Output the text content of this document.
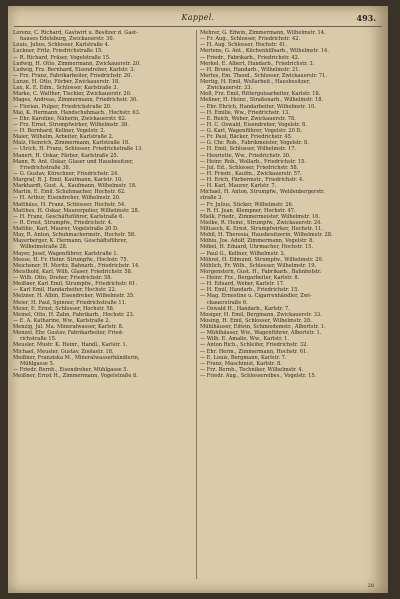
Kappel.	493.
Lorenz, C. Richard, Gastwirt u. Besitzer d. Gast-
hauses Edelsburg, Zwickauerstr. 30.
Louis, Julius, Schlosser, Karlstraße 4.
Luckner, Fritz, Friedrichstraße 15.
— R. Richard, Fräser, Vogelstraße 15.
Ludwig, H. Otto, Zimmermann, Zwickauerstr. 20.
Ludwig, Frz. Bernhard, Eisendreher, Karlstr. 3.
— Frz. Franz, Fabrikarbeiter, Friedrichstr. 20.
Lunze, H. Otto, Fürber, Zwickauerstr. 18.
Lux, K. E. Edm., Schlosser, Karlstraße 3.
Marke, C. Walther, Tischler, Zwickauerstr. 20.
Mages, Andreas, Zimmermann, Friedrichstr. 30.
— Florian, Pulper, Friedrichstraße 20.
Mai, K. Hermann, Handschuhmach., Hochstr. 63.
— Ehr. Karoline, Näherin, Zwickauerstr. 62.
— Frz. Ernst, Strumpfwirker, Wilhelmstr. 38.
— H. Bernhard, Kellner, Vogelstr. 2.
Maier, Wilhelm, Arbeiter, Karlstraße 2.
Malz, Heinrich, Zimmermann, Karlstraße 18.
— Ulrich, H. Franz, Schlosser, Friedrichstraße 13.
Manert, H. Oskar, Färber, Karlstraße 25.
Mann, R. Ant. Oskar, Glaser und Hausbesitzer,
Friedrichstraße 38.
— G. Gustav, Kürschner, Friedrichstr. 24.
Margraf, R. J. Emil, Kaufmann, Karlstr. 10.
Markhardt, Gust. A., Kaufmann, Wilhelmstr. 18.
Martin, E. Emil, Schuhmacher, Hochstr. 62.
— H. Arthur, Eisendreher, Wilhelmstr. 20.
Matthäus, H. Franz, Schlosser, Hochstr. 54.
Matthes, H. Oskar, Maurerpolier, Wilhelmstr. 28.
— H. Franz, Geschäftsführer, Karlstraße 6.
— R. Ernst, Strumpfw., Friedrichstr. 4.
Matthic, Karl, Maurer, Vogelstraße 20 D.
May, R. Anton, Schuhmachermstr., Hochstr. 58.
Mayerberger, K. Hermann, Geschäftsführer,
Wilhelmstraße 28.
Mayer, Josef, Wagenführer, Karlstraße 1.
Meese, H. Fr. Heinr. Strumpfw., Hochstr. 75.
Meichsner, H. Moritz, Bahnarb., Friedrichstr. 14.
Meisthold, Karl, Wilh. Glaser, Friedrichstr. 58.
— Wilh. Otto, Dreher, Friedrichstr. 58.
Meißner, Karl Emil, Strumpfw., Friedrichstr. 61.
— Karl Emil, Handarbeiter, Hochstr. 22.
Melzner, H. Albin, Eisendreher, Wilhelmstr. 35.
Meier, H. Paul, Spinner, Friedrichstraße 11.
Meier, E. Ernst, Schlosser, Hochstr. 58.
Meinel, Otto, H. Zahn, Fabrikarb., Hochstr. 23.
— E. A. Katharine, Ww., Karlstraße 2.
Menzig, Jul. Ma. Mineralwasser, Karlstr. 8.
Menzel, Ehr. Gustav, Fabrikarbeiter, Fried-
richstraße 15.
Meusler, Mustr. K. Heinr., Handl., Karlstr. 1.
Michael, Meusler, Gustav, Zoolastr. 18.
Meißner, Franziska M., Mineralwasserhändlerin,
Mühlgasse 5.
— Friedr. Bernh., Eisendreher, Mühlgasse 5.
Meißner, Ernst H., Zimmermann, Vogelstraße 8.
Mehrer, G. Edwin, Zimmermann, Wilhelmstr. 14.
— Fr. Aug., Schlosser, Friedrichstr. 42.
— H. Aug. Schlosser, Hochstr. 41.
Mertens, G. Ant., Küchenhilfsarb., Wilhelmstr. 14.
— Friedr., Fabrikarb., Friedrichstr. 42.
Merkel, E. Albert, Handarb., Friedrichstr. 3.
— H. Bruno, Handarb., Wilhelmstr. 21.
Mertes, Em. Theod., Schlosser, Zwickauerstr. 71.
Mertig, H. Emil, Wollarbeit., Hausbesitzer,
Zwickauerstr. 33.
Meß, Frz. Emil, Rittergutsarbeiter, Karlstr. 18.
Meßner, H. Heinr., Straßenarb., Wilhelmstr. 18.
— Ehr. Ehrich, Handarbeiter, Wilhelmstr. 10.
— H. Emilie, Ww., Friedrichstr. 13.
— E. Reich, Weber, Zwickauerstr. 78.
— H. C. Oswald, Eisendreher, Vogelstr. 8.
— G. Karl, Wagenführer, Vogelstr. 20 D.
— Fr. Paul, Bäcker, Friedrichstr. 45.
— G. Chr. Rob., Fabrikmeister, Vogelstr. 8.
— H. Emil, Schlosser, Wilhelmstr. 17.
— Henriette, Ww., Friedrichstr. 30.
— Heinr. Rob., Wollarb., Friedrichstr. 15.
— Jul. Ed., Schlosser, Friedrichstr. 58.
— H. Friedr., Kaufm., Zwickauerstr. 57.
— H. Erich, Färbermstr., Friedrichstr. 4.
— H. Karl, Maurer, Karlstr. 7.
Michael, H. Anton, Strumpfw., Weldenbergerstr.
straße 3.
— Fr. Julius, Sticker, Wilhelmstr. 26.
— R. H. Jean, Klempner, Hochstr. 47.
Mielk, Friedr., Zimmermeister, Wilhelmstr. 16.
Mielke, R. Heinr., Strumpfw., Zwickauerstr. 24.
Mittasch, K. Ernst, Strumpfwirker, Hochstr. 11.
Mobil, H. Theresia, Hausbesitzerin, Wilhelmstr. 28.
Möbiu, Jos. Adolf, Zimmermann, Vogelstr. 8.
Möbel, H. Eduard, Uhrmacher, Hochstr. 15.
— Paul G., Kellner, Wilhelmstr. 2.
Möhrel, H. Edmund, Strumpfw., Wilhelmstr. 20.
Möhlich, Fr. Wilh., Schlosser, Wilhelmstr. 19.
Morgenstern, Gust. H., Fabrikarb., Bahnhofstr.
— Heinr. Frz., Bergarbeiter, Karlstr. 8.
— H. Eduard, Weber, Karlstr. 17.
— H. Emil, Handarb., Friedrichstr. 15.
— Mag. Ernestine u. Cigarrenhändler, Zwi-
ckauerstraße 6.
— Oswald H., Handarb., Karlstr. 7.
Mosiger, H. Emil, Bergmann, Zwickauerstr. 33.
Mosing, H. Emil, Schlosser, Wilhelmstr. 28.
Mühlhäuser, Edwin, Schmiedemstr., Albertstr. 1.
— Mühlhäuser, Ww., Wagenführer, Albertstr. 1.
— Wilh. E. Amalie, Ww., Karlstr. 1.
— Anton Rich., Schleifer, Friedrichstr. 32.
— Ehr. Herm., Zimmermann, Hochstr. 61.
— E. Louis, Bergmann, Karlstr. 7.
— Franz, Maschinist, Karlstr. 8.
— Frz. Bernh., Techniker, Wilhelmstr. 4.
— Friedr. Aug., Schlossereibes., Vogelstr. 15.
28
